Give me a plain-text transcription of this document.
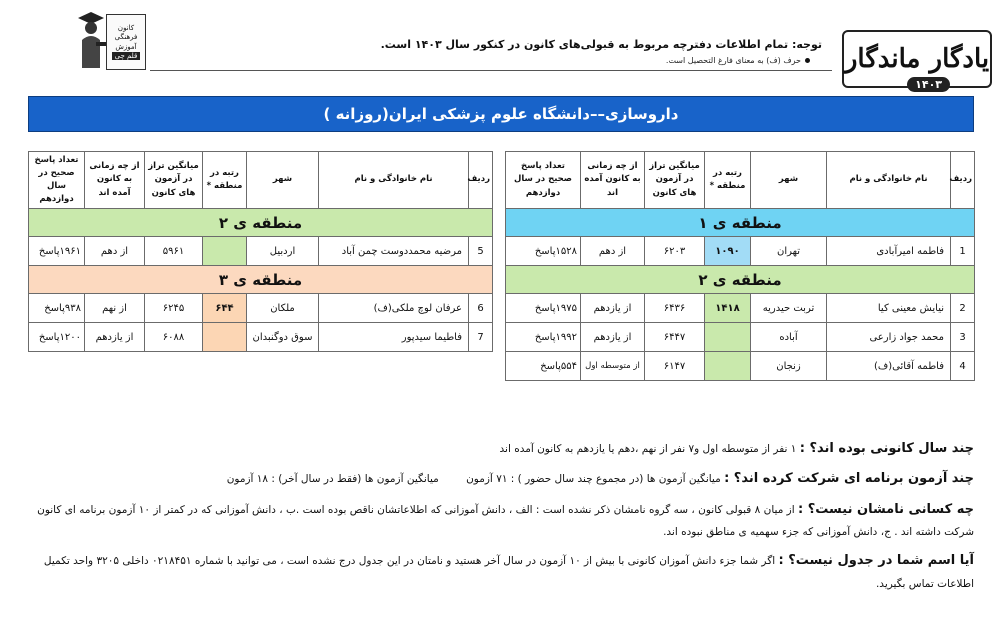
یادگار ماندگار
۱۴۰۳
توجه: تمام اطلاعات دفترچه مربوط به قبولی‌های کانون در کنکور سال ۱۴۰۳ است.
حرف (ف) به معنای فارغ التحصیل است.
کانون
فرهنگی
آموزش
قلم چی
داروسازی––دانشگاه علوم پزشکی ایران(روزانه )
ردیف	نام خانوادگی و نام	شهر	رتبه در منطقه *	میانگین تراز در آزمون های کانون	از چه زمانی به کانون آمده اند	تعداد پاسخ صحیح در سال دوازدهم
منطقه ی ۱						
1	فاطمه امیرآبادی	تهران	۱۰۹۰	۶۲۰۳	از دهم	۱۵۲۸پاسخ
منطقه ی ۲						
2	نیایش معینی کیا	تربت حیدریه	۱۴۱۸	۶۴۳۶	از یازدهم	۱۹۷۵پاسخ
3	محمد جواد زارعی	آباده		۶۴۴۷	از یازدهم	۱۹۹۲پاسخ
4	فاطمه آقائی(ف)	زنجان		۶۱۴۷	از متوسطه اول	۵۵۴پاسخ
ردیف	نام خانوادگی و نام	شهر	رتبه در منطقه *	میانگین تراز در آزمون های کانون	از چه زمانی به کانون آمده اند	تعداد پاسخ صحیح در سال دوازدهم
منطقه ی ۲						
5	مرضیه محمددوست چمن آباد	اردبیل		۵۹۶۱	از دهم	۱۹۶۱پاسخ
منطقه ی ۳						
6	عرفان لوچ ملکی(ف)	ملکان	۶۴۴	۶۲۴۵	از نهم	۹۳۸پاسخ
7	فاطیما سیدپور	سوق دوگنبدان		۶۰۸۸	از یازدهم	۱۲۰۰پاسخ
چند سال کانونی بوده اند؟ : ۱ نفر از متوسطه اول و۷ نفر از نهم ،دهم یا یازدهم به کانون آمده اند
چند آزمون برنامه ای شرکت کرده اند؟ : میانگین آزمون ها (در مجموع چند سال حضور ) : ۷۱ آزمون میانگین آزمون ها (فقط در سال آخر) : ۱۸ آزمون
چه کسانی نامشان نیست؟ : از میان ۸ قبولی کانون ، سه گروه نامشان ذکر نشده است : الف ، دانش آموزانی که اطلاعاتشان ناقص بوده است .ب ، دانش آموزانی که در کمتر از ۱۰ آزمون برنامه ای کانون شرکت داشته اند . ج، دانش آموزانی که جزء سهمیه ی مناطق نبوده اند.
آیا اسم شما در جدول نیست؟ : اگر شما جزء دانش آموزان کانونی با بیش از ۱۰ آزمون در سال آخر هستید و نامتان در این جدول درج نشده است ، می توانید با شماره ۰۲۱۸۴۵۱ داخلی ۳۲۰۵ واحد تکمیل اطلاعات تماس بگیرید.
